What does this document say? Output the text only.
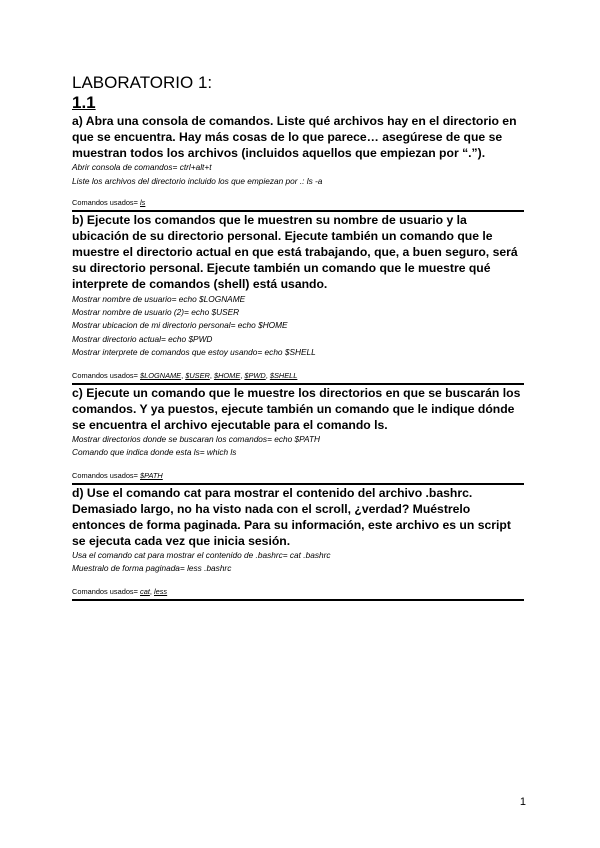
LABORATORIO 1:
1.1

a) Abra una consola de comandos. Liste qué archivos hay en el directorio en que se encuentra. Hay más cosas de lo que parece… asegúrese de que se muestran todos los archivos (incluidos aquellos que empiezan por “.”).

Abrir consola de comandos= ctrl+alt+t

Liste los archivos del directorio incluido los que empiezan por .: ls -a

Comandos usados= ls

b) Ejecute los comandos que le muestren su nombre de usuario y la ubicación de su directorio personal. Ejecute también un comando que le muestre el directorio actual en que está trabajando, que, a buen seguro, será su directorio personal. Ejecute también un comando que le muestre qué interprete de comandos (shell) está usando.

Mostrar nombre de usuario= echo $LOGNAME

Mostrar nombre de usuario (2)= echo $USER

Mostrar ubicacion de mi directorio personal= echo $HOME

Mostrar directorio actual= echo $PWD

Mostrar interprete de comandos que estoy usando= echo $SHELL

Comandos usados= $LOGNAME, $USER, $HOME, $PWD, $SHELL

c) Ejecute un comando que le muestre los directorios en que se buscarán los comandos. Y ya puestos, ejecute también un comando que le indique dónde se encuentra el archivo ejecutable para el comando ls.

Mostrar directorios donde se buscaran los comandos= echo $PATH

Comando que indica donde esta ls= which ls

Comandos usados= $PATH

d) Use el comando cat para mostrar el contenido del archivo .bashrc. Demasiado largo, no ha visto nada con el scroll, ¿verdad? Muéstrelo entonces de forma paginada. Para su información, este archivo es un script se ejecuta cada vez que inicia sesión.

Usa el comando cat para mostrar el contenido de .bashrc= cat .bashrc

Muestralo de forma paginada= less .bashrc

Comandos usados= cat, less

1
